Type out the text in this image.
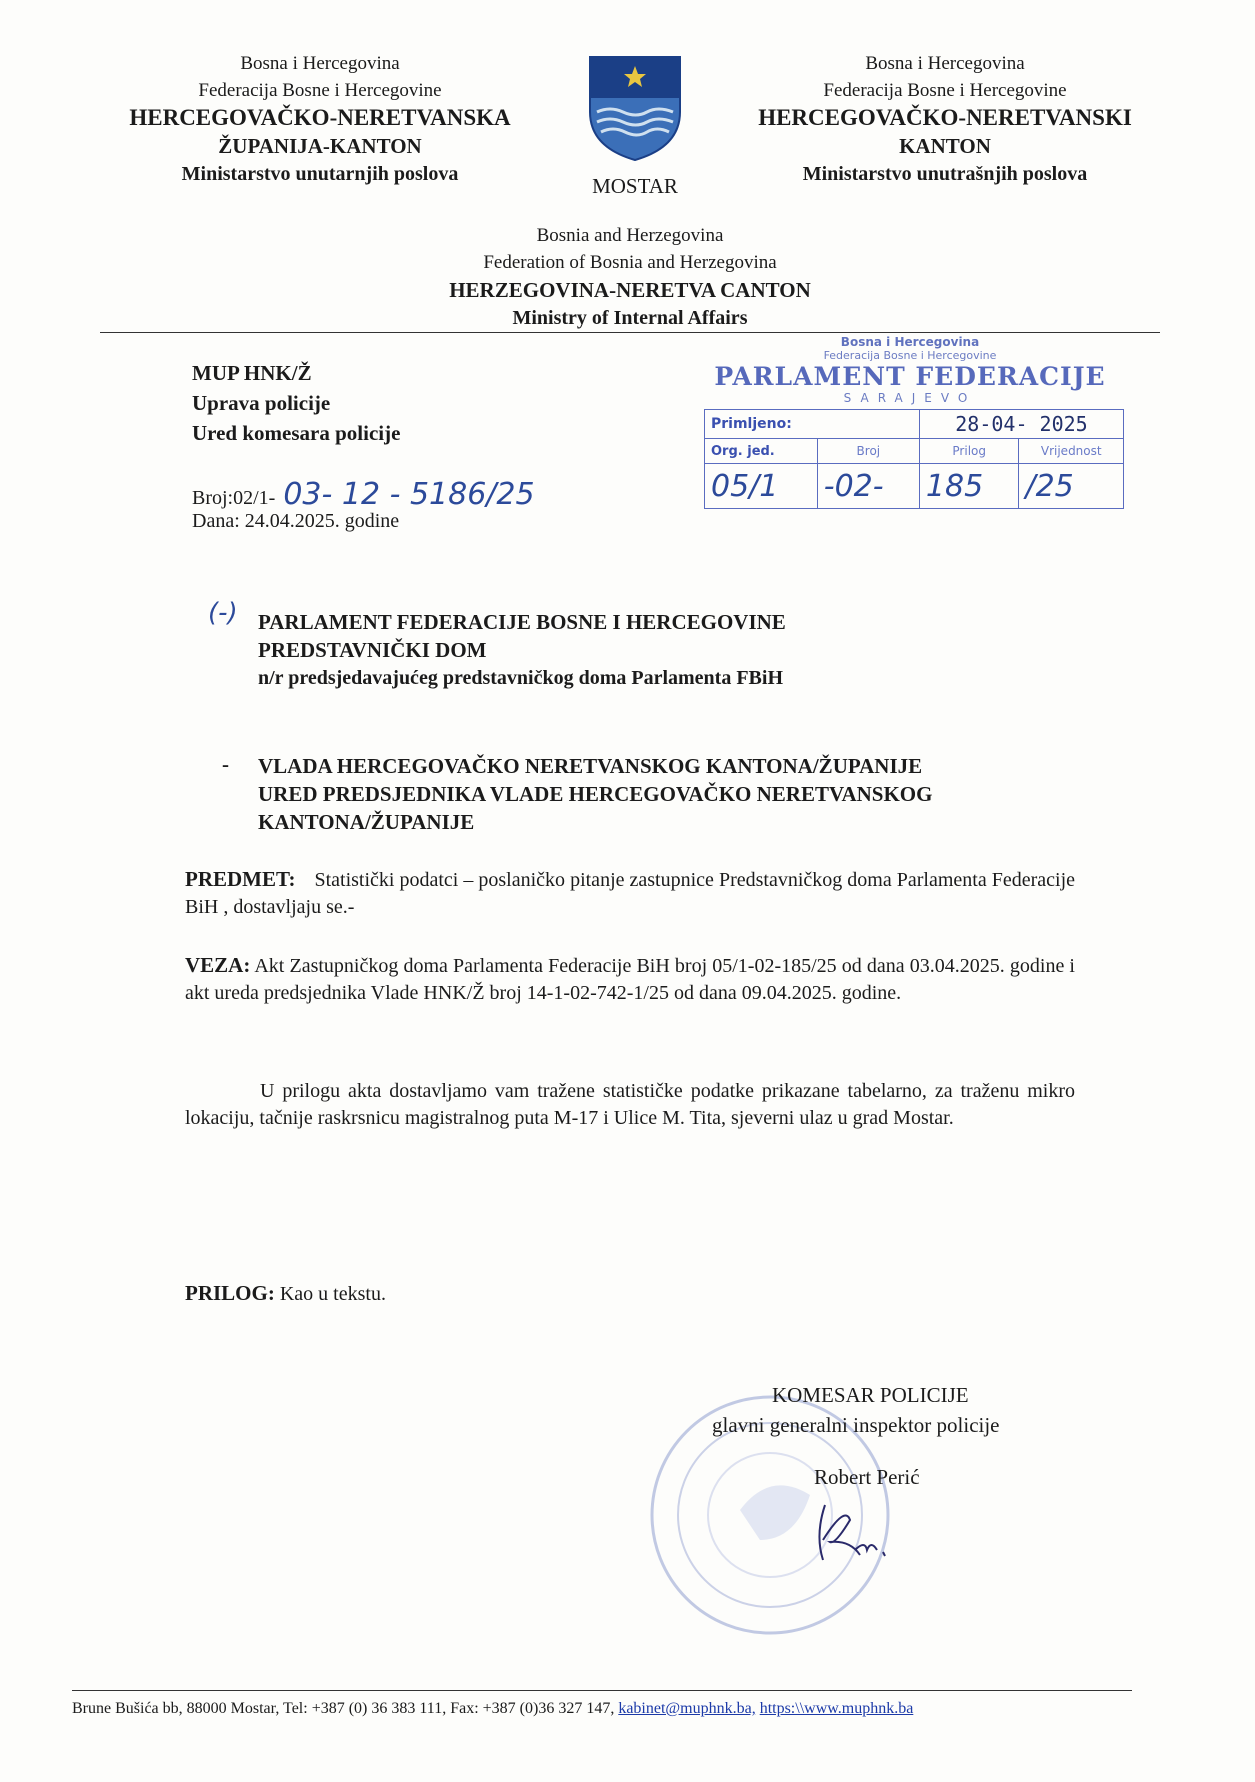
Bosna i Hercegovina
Federacija Bosne i Hercegovine
HERCEGOVAČKO-NERETVANSKA
ŽUPANIJA-KANTON
Ministarstvo unutarnjih poslova	MOSTAR
Bosna i Hercegovina
Federacija Bosne i Hercegovine
HERCEGOVAČKO-NERETVANSKI
KANTON
Ministarstvo unutrašnjih poslova
Bosnia and Herzegovina
Federation of Bosnia and Herzegovina
HERZEGOVINA-NERETVA CANTON
Ministry of Internal Affairs
MUP HNK/Ž
Uprava policije
Ured komesara policije
Broj:02/1- 03- 12 - 5186/25
Dana: 24.04.2025. godine
Bosna i Hercegovina
Federacija Bosne i Hercegovine
PARLAMENT FEDERACIJE
SARAJEVO
Primljeno:		28-04- 2025	
Org. jed.	Broj	Prilog	Vrijednost
05/1	-02-	185	/25
(-) PARLAMENT FEDERACIJE BOSNE I HERCEGOVINE
PREDSTAVNIČKI DOM
n/r predsjedavajućeg predstavničkog doma Parlamenta FBiH
- VLADA HERCEGOVAČKO NERETVANSKOG KANTONA/ŽUPANIJE
URED PREDSJEDNIKA VLADE HERCEGOVAČKO NERETVANSKOG
KANTONA/ŽUPANIJE
PREDMET: Statistički podatci – poslaničko pitanje zastupnice Predstavničkog doma Parlamenta Federacije BiH , dostavljaju se.-
VEZA: Akt Zastupničkog doma Parlamenta Federacije BiH broj 05/1-02-185/25 od dana 03.04.2025. godine i akt ureda predsjednika Vlade HNK/Ž broj 14-1-02-742-1/25 od dana 09.04.2025. godine.
U prilogu akta dostavljamo vam tražene statističke podatke prikazane tabelarno, za traženu mikro lokaciju, tačnije raskrsnicu magistralnog puta M-17 i Ulice M. Tita, sjeverni ulaz u grad Mostar.
PRILOG: Kao u tekstu.
KOMESAR POLICIJE
glavni generalni inspektor policije
Robert Perić
Brune Bušića bb, 88000 Mostar, Tel: +387 (0) 36 383 111, Fax: +387 (0)36 327 147, kabinet@muphnk.ba, https:\\www.muphnk.ba
